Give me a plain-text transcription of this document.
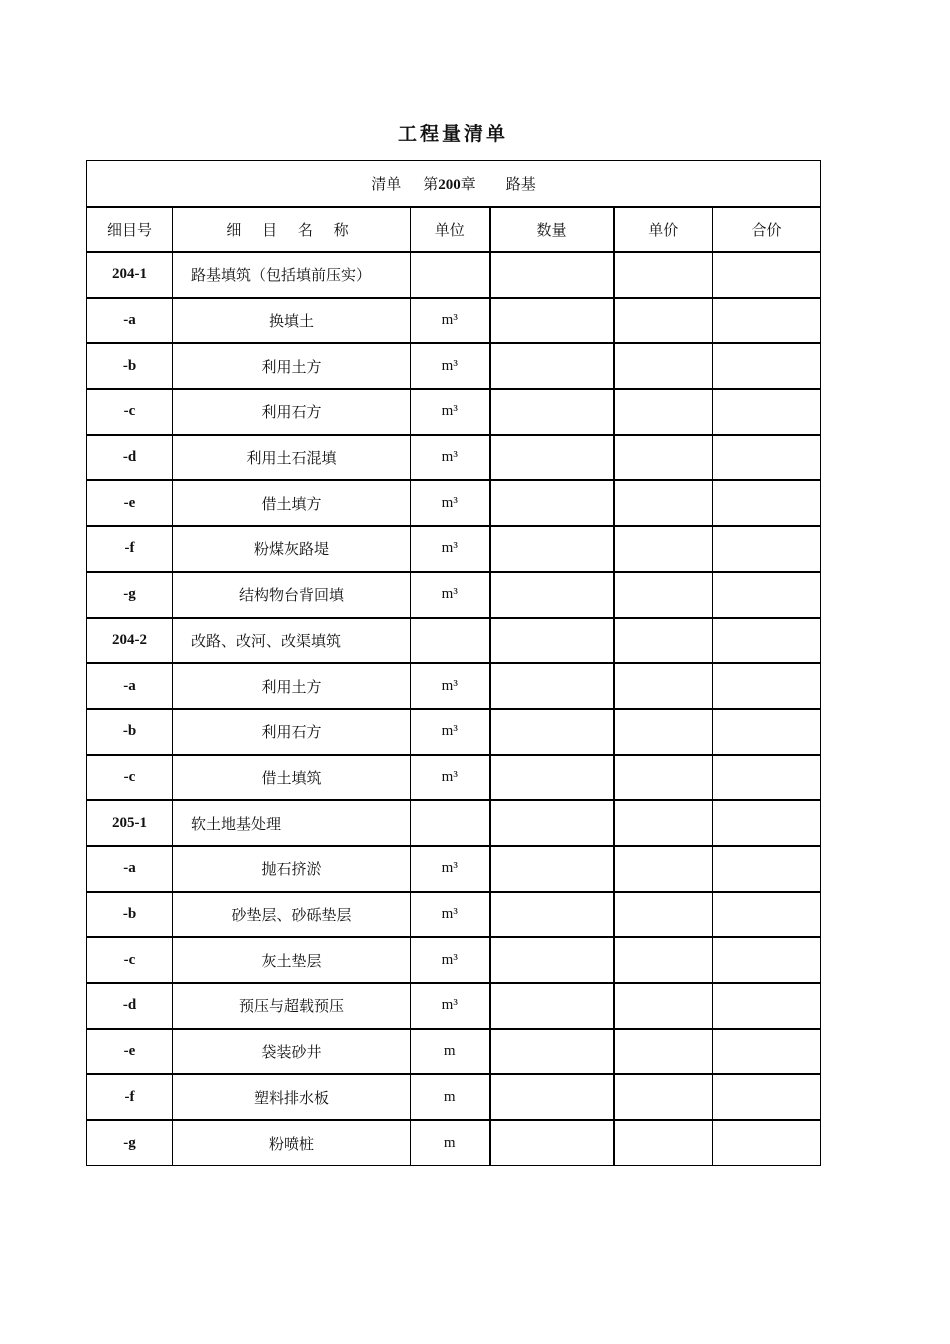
工程量清单
清单 第200章 路基					
细目号	细 目 名 称	单位	数量	单价	合价
204-1	路基填筑（包括填前压实）				
-a	换填土	m³			
-b	利用土方	m³			
-c	利用石方	m³			
-d	利用土石混填	m³			
-e	借土填方	m³			
-f	粉煤灰路堤	m³			
-g	结构物台背回填	m³			
204-2	改路、改河、改渠填筑				
-a	利用土方	m³			
-b	利用石方	m³			
-c	借土填筑	m³			
205-1	软土地基处理				
-a	抛石挤淤	m³			
-b	砂垫层、砂砾垫层	m³			
-c	灰土垫层	m³			
-d	预压与超载预压	m³			
-e	袋装砂井	m			
-f	塑料排水板	m			
-g	粉喷桩	m			
